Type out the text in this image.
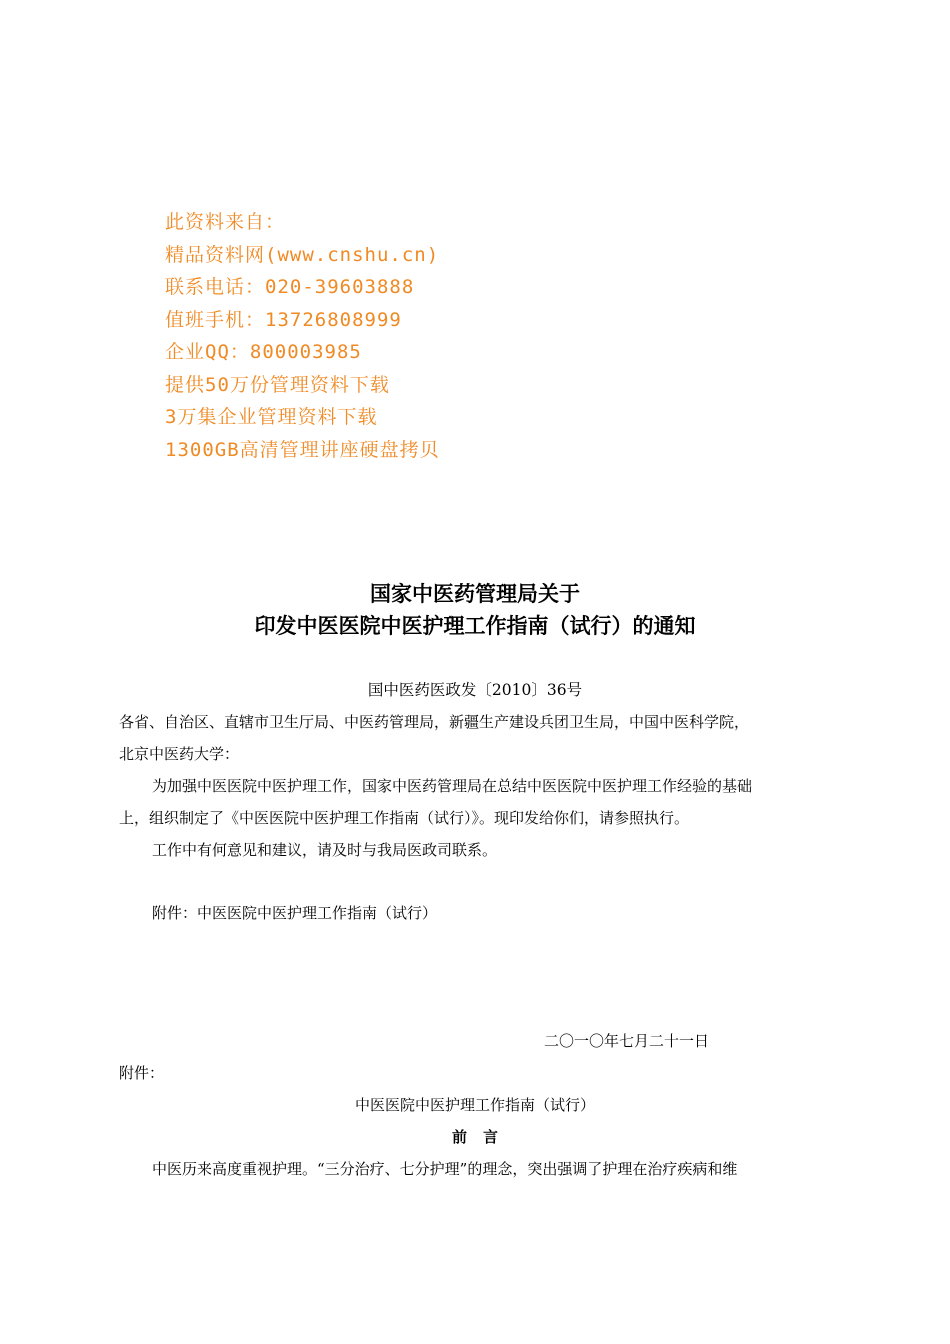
此资料来自：
精品资料网(www.cnshu.cn)
联系电话：020-39603888
值班手机：13726808999
企业QQ：800003985
提供50万份管理资料下载
3万集企业管理资料下载
1300GB高清管理讲座硬盘拷贝
国家中医药管理局关于
印发中医医院中医护理工作指南（试行）的通知
国中医药医政发〔2010〕36号
各省、自治区、直辖市卫生厅局、中医药管理局，新疆生产建设兵团卫生局，中国中医科学院，
北京中医药大学：
为加强中医医院中医护理工作，国家中医药管理局在总结中医医院中医护理工作经验的基础
上，组织制定了《中医医院中医护理工作指南（试行）》。现印发给你们，请参照执行。
工作中有何意见和建议，请及时与我局医政司联系。
附件：中医医院中医护理工作指南（试行）
二〇一〇年七月二十一日
附件：
中医医院中医护理工作指南（试行）
前言
中医历来高度重视护理。“三分治疗、七分护理”的理念，突出强调了护理在治疗疾病和维
